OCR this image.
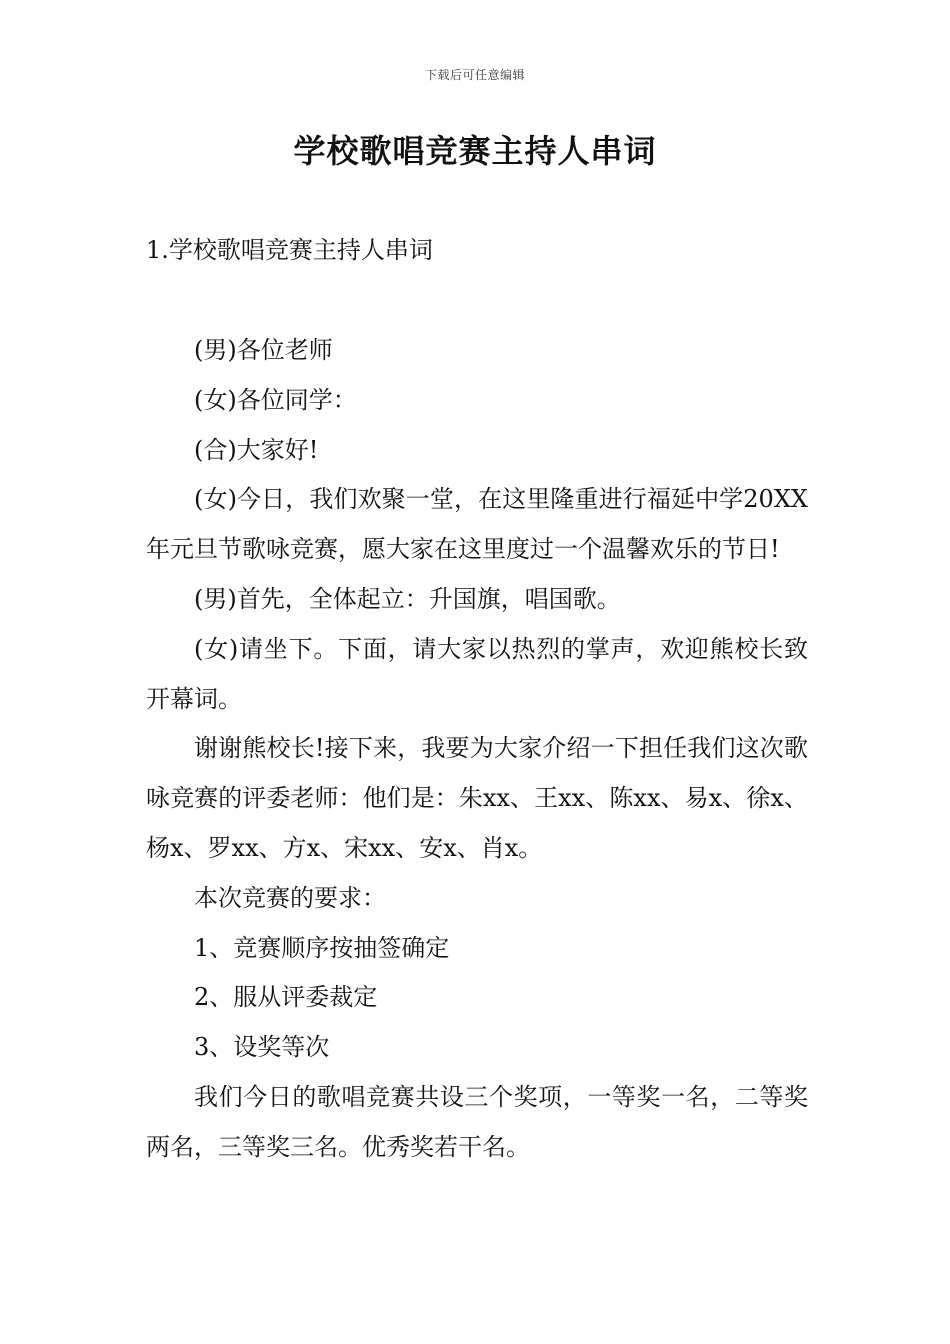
下载后可任意编辑
学校歌唱竞赛主持人串词
1.学校歌唱竞赛主持人串词

(男)各位老师

(女)各位同学：

(合)大家好!

(女)今日，我们欢聚一堂，在这里隆重进行福延中学20XX年元旦节歌咏竞赛，愿大家在这里度过一个温馨欢乐的节日!

(男)首先，全体起立：升国旗，唱国歌。

(女)请坐下。下面，请大家以热烈的掌声，欢迎熊校长致开幕词。

谢谢熊校长!接下来，我要为大家介绍一下担任我们这次歌咏竞赛的评委老师：他们是：朱xx、王xx、陈xx、易x、徐x、杨x、罗xx、方x、宋xx、安x、肖x。

本次竞赛的要求：

1、竞赛顺序按抽签确定

2、服从评委裁定

3、设奖等次

我们今日的歌唱竞赛共设三个奖项，一等奖一名，二等奖两名，三等奖三名。优秀奖若干名。
